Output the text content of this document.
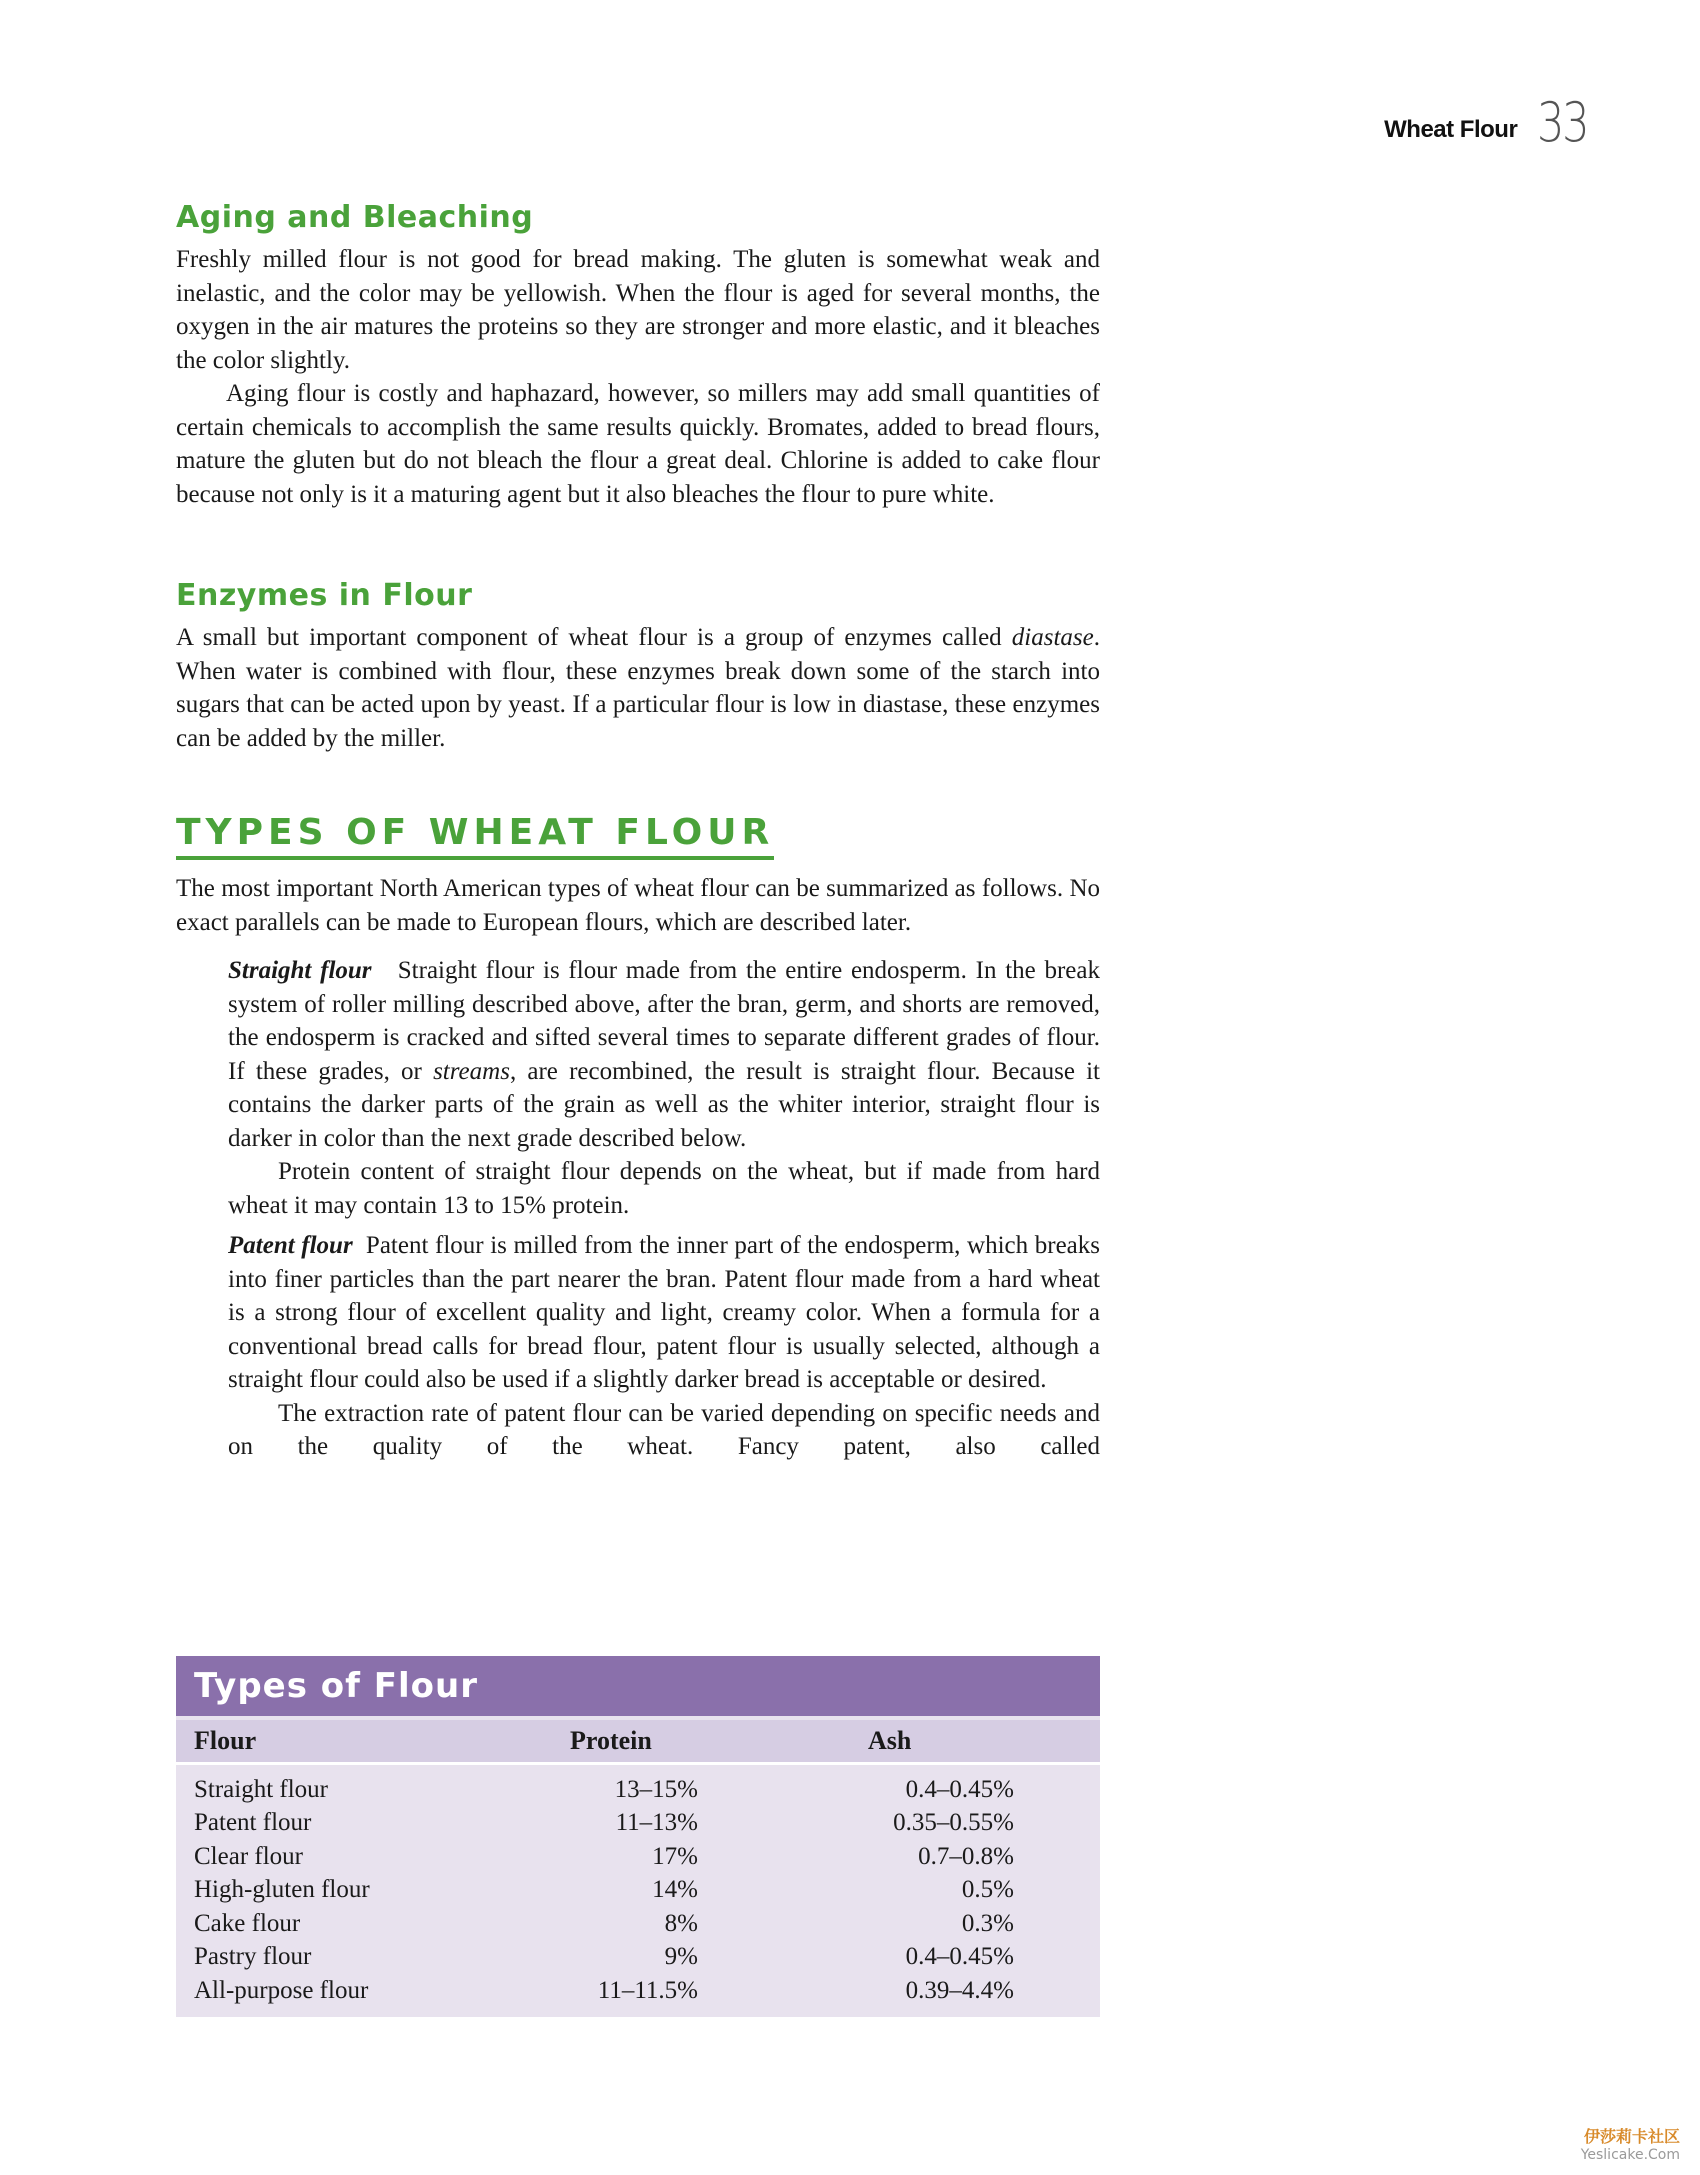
Wheat Flour 33
Aging and Bleaching

Freshly milled flour is not good for bread making. The gluten is somewhat weak and inelastic, and the color may be yellowish. When the flour is aged for several months, the oxygen in the air matures the proteins so they are stronger and more elastic, and it bleaches the color slightly.

Aging flour is costly and haphazard, however, so millers may add small quantities of certain chemicals to accomplish the same results quickly. Bromates, added to bread flours, mature the gluten but do not bleach the flour a great deal. Chlorine is added to cake flour because not only is it a maturing agent but it also bleaches the flour to pure white.

Enzymes in Flour

A small but important component of wheat flour is a group of enzymes called diastase. When water is combined with flour, these enzymes break down some of the starch into sugars that can be acted upon by yeast. If a particular flour is low in diastase, these enzymes can be added by the miller.

TYPES OF WHEAT FLOUR

The most important North American types of wheat flour can be summarized as follows. No exact parallels can be made to European flours, which are described later.

Straight flour Straight flour is flour made from the entire endosperm. In the break system of roller milling described above, after the bran, germ, and shorts are removed, the endosperm is cracked and sifted several times to separate different grades of flour. If these grades, or streams, are recombined, the result is straight flour. Because it contains the darker parts of the grain as well as the whiter interior, straight flour is darker in color than the next grade described below.

Protein content of straight flour depends on the wheat, but if made from hard wheat it may contain 13 to 15% protein.

Patent flour Patent flour is milled from the inner part of the endosperm, which breaks into finer particles than the part nearer the bran. Patent flour made from a hard wheat is a strong flour of excellent quality and light, creamy color. When a formula for a conventional bread calls for bread flour, patent flour is usually selected, although a straight flour could also be used if a slightly darker bread is acceptable or desired.

The extraction rate of patent flour can be varied depending on specific needs and on the quality of the wheat. Fancy patent, also called

Types of Flour
Flour	Protein	Ash
Straight flour	13–15%	0.4–0.45%
Patent flour	11–13%	0.35–0.55%
Clear flour	17%	0.7–0.8%
High-gluten flour	14%	0.5%
Cake flour	8%	0.3%
Pastry flour	9%	0.4–0.45%
All-purpose flour	11–11.5%	0.39–4.4%
伊莎莉卡社区
Yeslicake.Com
